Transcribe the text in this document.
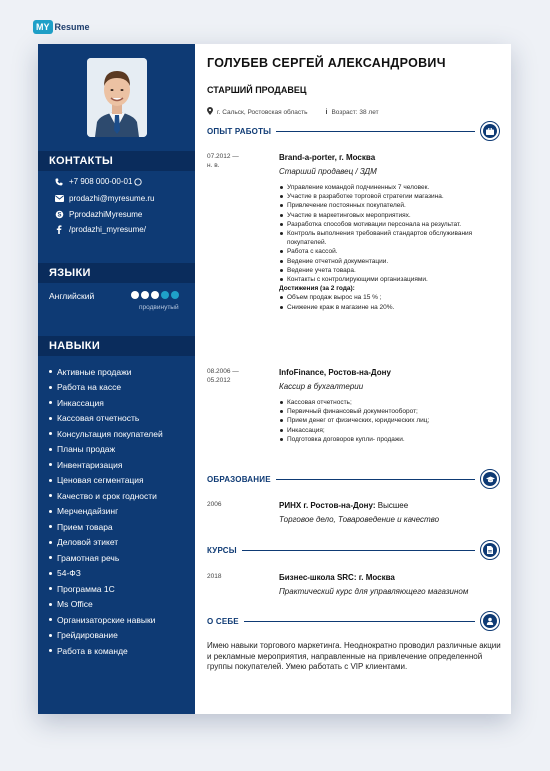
MY Resume
КОНТАКТЫ
+7 908 000-00-01
prodazhi@myresume.ru
S PprodazhiMyresume
/prodazhi_myresume/
ЯЗЫКИ
Английский
продвинутый
НАВЫКИ
Активные продажи
Работа на кассе
Инкассация
Кассовая отчетность
Консультация покупателей
Планы продаж
Инвентаризация
Ценовая сегментация
Качество и срок годности
Мерчендайзинг
Прием товара
Деловой этикет
Грамотная речь
54-ФЗ
Программа 1С
Ms Office
Организаторские навыки
Грейдирование
Работа в команде
ГОЛУБЕВ СЕРГЕЙ АЛЕКСАНДРОВИЧ
СТАРШИЙ ПРОДАВЕЦ
г. Сальск, Ростовская область	i Возраст: 38 лет
ОПЫТ РАБОТЫ
07.2012 —
н. в.
Brand-a-porter, г. Москва
Старший продавец / ЗДМ
Управление командой подчиненных 7 человек.
Участие в разработке торговой стратегии магазина.
Привлечение постоянных покупателей.
Участие в маркетинговых мероприятиях.
Разработка способов мотивации персонала на результат.
Контроль выполнения требований стандартов обслуживания покупателей.
Работа с кассой.
Ведение отчетной документации.
Ведение учета товара.
Контакты с контролирующими организациями.
Достижения (за 2 года):
Объем продаж вырос на 15 % ;
Снижение краж в магазине на 20%.
08.2006 —
05.2012
InfoFinance, Ростов-на-Дону
Кассир в бухгалтерии
Кассовая отчетность;
Первичный финансовый документооборот;
Прием денег от физических, юридических лиц;
Инкассация;
Подготовка договоров купли- продажи.
ОБРАЗОВАНИЕ
2006	РИНХ г. Ростов-на-Дону: Высшее
Торговое дело, Товароведение и качество
КУРСЫ
2018	Бизнес-школа SRC: г. Москва
Практический курс для управляющего магазином
О СЕБЕ
Имею навыки торгового маркетинга. Неоднократно проводил различные акции и рекламные мероприятия, направленные на привлечение определенной группы покупателей. Умею работать с VIP клиентами.
